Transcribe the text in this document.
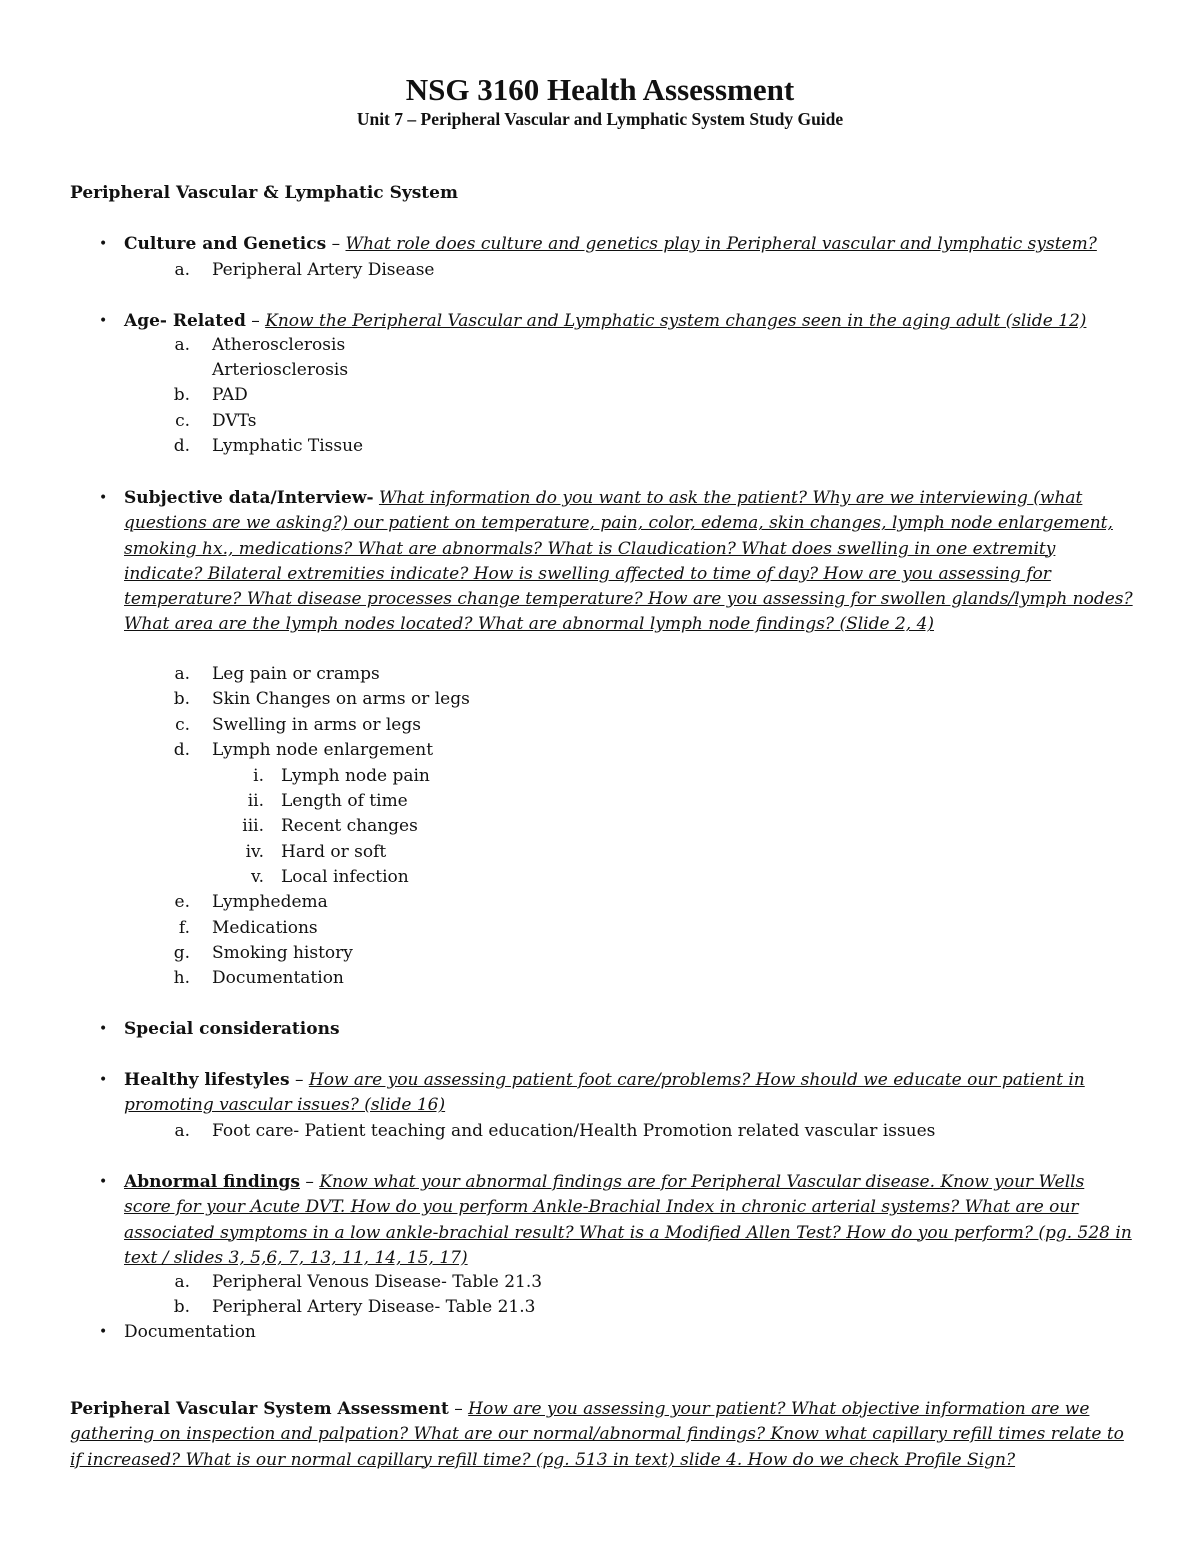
NSG 3160 Health Assessment
Unit 7 – Peripheral Vascular and Lymphatic System Study Guide
Peripheral Vascular & Lymphatic System
• Culture and Genetics – What role does culture and genetics play in Peripheral vascular and lymphatic system?
a. Peripheral Artery Disease
• Age- Related – Know the Peripheral Vascular and Lymphatic system changes seen in the aging adult (slide 12)
a. Atherosclerosis
Arteriosclerosis
b. PAD
c. DVTs
d. Lymphatic Tissue
• Subjective data/Interview- What information do you want to ask the patient? Why are we interviewing (what questions are we asking?) our patient on temperature, pain, color, edema, skin changes, lymph node enlargement, smoking hx., medications? What are abnormals? What is Claudication? What does swelling in one extremity indicate? Bilateral extremities indicate? How is swelling affected to time of day? How are you assessing for temperature? What disease processes change temperature? How are you assessing for swollen glands/lymph nodes? What area are the lymph nodes located? What are abnormal lymph node findings? (Slide 2, 4)
a. Leg pain or cramps
b. Skin Changes on arms or legs
c. Swelling in arms or legs
d. Lymph node enlargement
i. Lymph node pain
ii. Length of time
iii. Recent changes
iv. Hard or soft
v. Local infection
e. Lymphedema
f. Medications
g. Smoking history
h. Documentation
• Special considerations
• Healthy lifestyles – How are you assessing patient foot care/problems? How should we educate our patient in promoting vascular issues? (slide 16)
a. Foot care- Patient teaching and education/Health Promotion related vascular issues
• Abnormal findings – Know what your abnormal findings are for Peripheral Vascular disease. Know your Wells score for your Acute DVT. How do you perform Ankle-Brachial Index in chronic arterial systems? What are our associated symptoms in a low ankle-brachial result? What is a Modified Allen Test? How do you perform? (pg. 528 in text / slides 3, 5,6, 7, 13, 11, 14, 15, 17)
a. Peripheral Venous Disease- Table 21.3
b. Peripheral Artery Disease- Table 21.3
• Documentation
Peripheral Vascular System Assessment – How are you assessing your patient? What objective information are we gathering on inspection and palpation? What are our normal/abnormal findings? Know what capillary refill times relate to if increased? What is our normal capillary refill time? (pg. 513 in text) slide 4. How do we check Profile Sign?
